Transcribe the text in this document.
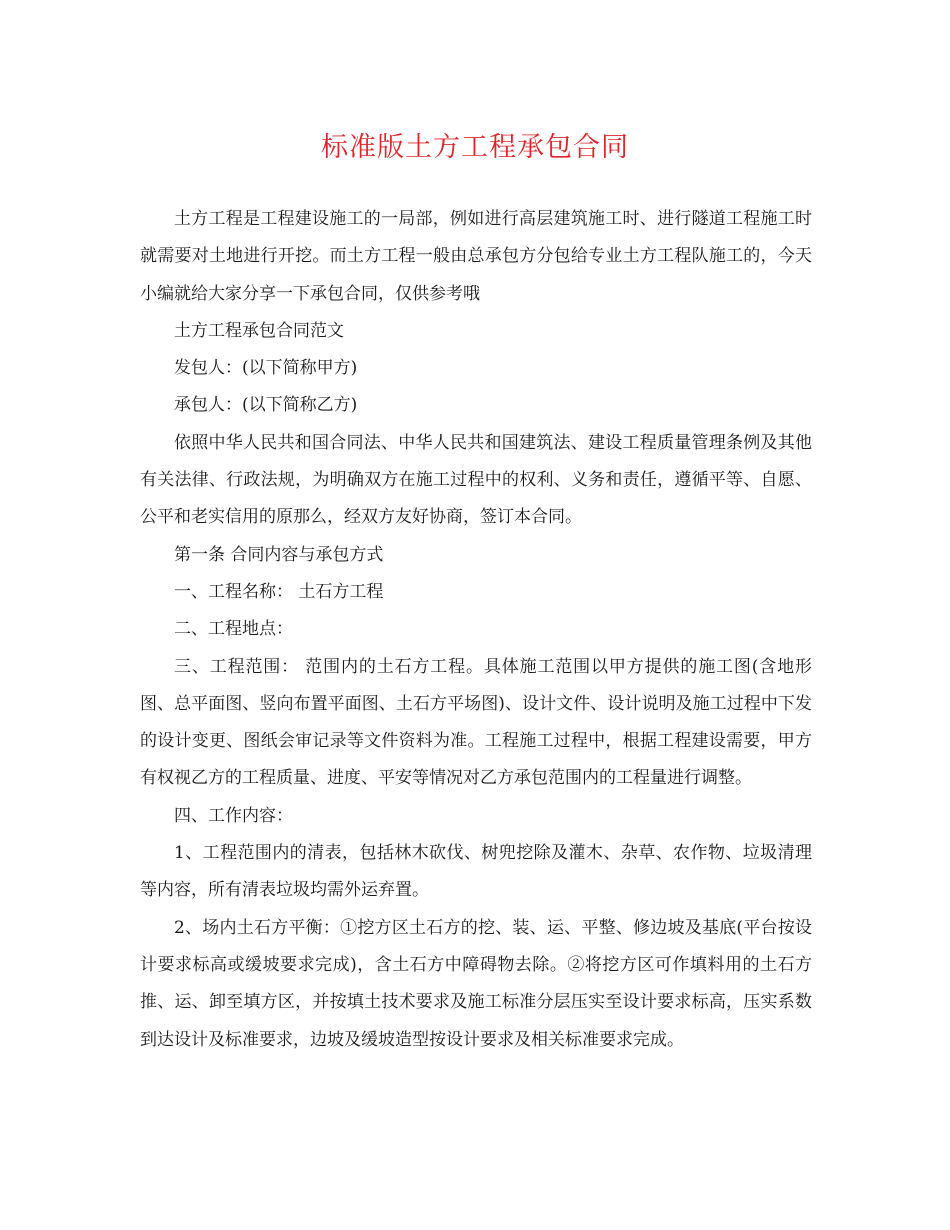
标准版土方工程承包合同

土方工程是工程建设施工的一局部，例如进行高层建筑施工时、进行隧道工程施工时就需要对土地进行开挖。而土方工程一般由总承包方分包给专业土方工程队施工的，今天小编就给大家分享一下承包合同，仅供参考哦

土方工程承包合同范文

发包人：(以下简称甲方)

承包人：(以下简称乙方)

依照中华人民共和国合同法、中华人民共和国建筑法、建设工程质量管理条例及其他有关法律、行政法规，为明确双方在施工过程中的权利、义务和责任，遵循平等、自愿、公平和老实信用的原那么，经双方友好协商，签订本合同。

第一条 合同内容与承包方式

一、工程名称： 土石方工程

二、工程地点：

三、工程范围： 范围内的土石方工程。具体施工范围以甲方提供的施工图(含地形图、总平面图、竖向布置平面图、土石方平场图)、设计文件、设计说明及施工过程中下发的设计变更、图纸会审记录等文件资料为准。工程施工过程中，根据工程建设需要，甲方有权视乙方的工程质量、进度、平安等情况对乙方承包范围内的工程量进行调整。

四、工作内容：

1、工程范围内的清表，包括林木砍伐、树兜挖除及灌木、杂草、农作物、垃圾清理等内容，所有清表垃圾均需外运弃置。

2、场内土石方平衡：①挖方区土石方的挖、装、运、平整、修边坡及基底(平台按设计要求标高或缓坡要求完成)，含土石方中障碍物去除。②将挖方区可作填料用的土石方推、运、卸至填方区，并按填土技术要求及施工标准分层压实至设计要求标高，压实系数到达设计及标准要求，边坡及缓坡造型按设计要求及相关标准要求完成。
